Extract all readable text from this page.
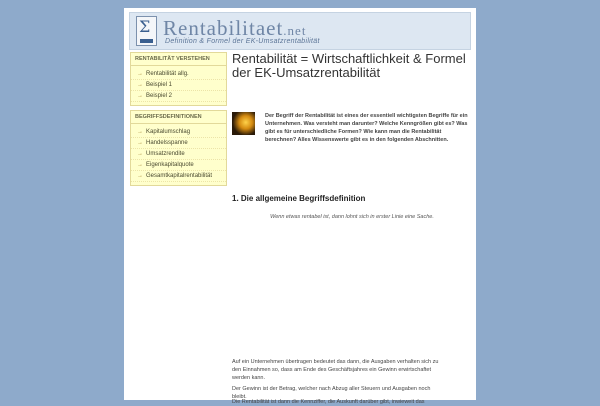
Σ Rentabilitaet.net
Definition & Formel der EK-Umsatzrentabilität
RENTABILITÄT VERSTEHEN
→ Rentabilität allg.
→ Beispiel 1
→ Beispiel 2
BEGRIFFSDEFINITIONEN
→ Kapitalumschlag
→ Handelsspanne
→ Umsatzrendite
→ Eigenkapitalquote
→ Gesamtkapitalrentabilität
Rentabilität = Wirtschaftlichkeit & Formel der EK-Umsatzrentabilität
Der Begriff der Rentabilität ist eines der essentiell wichtigsten Begriffe für ein Unternehmen. Was versteht man darunter? Welche Kenngrößen gibt es? Was gibt es für unterschiedliche Formen? Wie kann man die Rentabilität berechnen? Alles Wissenswerte gibt es in den folgenden Abschnitten.
1. Die allgemeine Begriffsdefinition
Wenn etwas rentabel ist, dann lohnt sich in erster Linie eine Sache.
Auf ein Unternehmen übertragen bedeutet das dann, die Ausgaben verhalten sich zu den Einnahmen so, dass am Ende des Geschäftsjahres ein Gewinn erwirtschaftet werden kann.
Der Gewinn ist der Betrag, welcher nach Abzug aller Steuern und Ausgaben noch bleibt.
Die Rentabilität ist dann die Kennziffer, die Auskunft darüber gibt, inwieweit das
